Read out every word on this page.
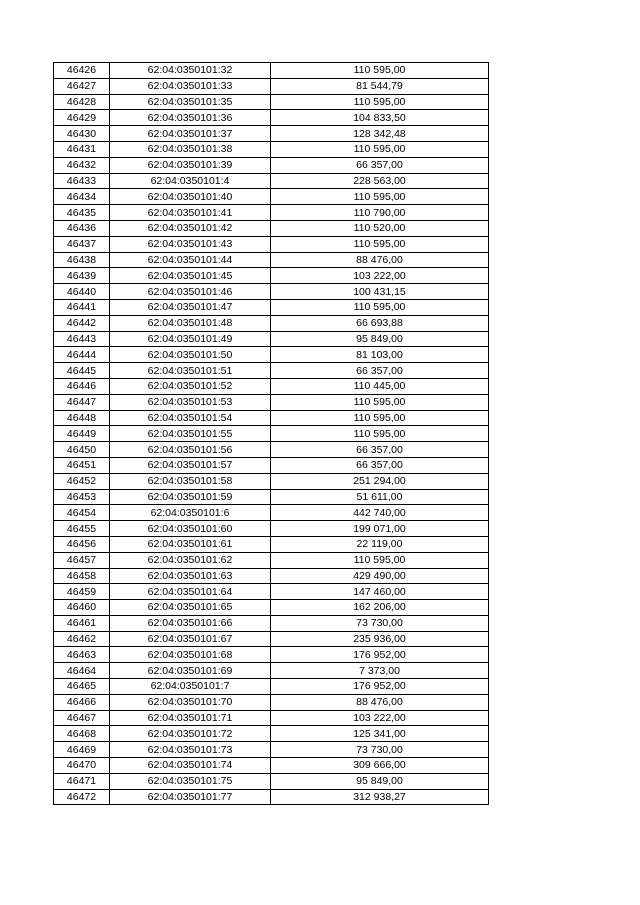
46426	62:04:0350101:32	110 595,00
46427	62:04:0350101:33	81 544,79
46428	62:04:0350101:35	110 595,00
46429	62:04:0350101:36	104 833,50
46430	62:04:0350101:37	128 342,48
46431	62:04:0350101:38	110 595,00
46432	62:04:0350101:39	66 357,00
46433	62:04:0350101:4	228 563,00
46434	62:04:0350101:40	110 595,00
46435	62:04:0350101:41	110 790,00
46436	62:04:0350101:42	110 520,00
46437	62:04:0350101:43	110 595,00
46438	62:04:0350101:44	88 476,00
46439	62:04:0350101:45	103 222,00
46440	62:04:0350101:46	100 431,15
46441	62:04:0350101:47	110 595,00
46442	62:04:0350101:48	66 693,88
46443	62:04:0350101:49	95 849,00
46444	62:04:0350101:50	81 103,00
46445	62:04:0350101:51	66 357,00
46446	62:04:0350101:52	110 445,00
46447	62:04:0350101:53	110 595,00
46448	62:04:0350101:54	110 595,00
46449	62:04:0350101:55	110 595,00
46450	62:04:0350101:56	66 357,00
46451	62:04:0350101:57	66 357,00
46452	62:04:0350101:58	251 294,00
46453	62:04:0350101:59	51 611,00
46454	62:04:0350101:6	442 740,00
46455	62:04:0350101:60	199 071,00
46456	62:04:0350101:61	22 119,00
46457	62:04:0350101:62	110 595,00
46458	62:04:0350101:63	429 490,00
46459	62:04:0350101:64	147 460,00
46460	62:04:0350101:65	162 206,00
46461	62:04:0350101:66	73 730,00
46462	62:04:0350101:67	235 936,00
46463	62:04:0350101:68	176 952,00
46464	62:04:0350101:69	7 373,00
46465	62:04:0350101:7	176 952,00
46466	62:04:0350101:70	88 476,00
46467	62:04:0350101:71	103 222,00
46468	62:04:0350101:72	125 341,00
46469	62:04:0350101:73	73 730,00
46470	62:04:0350101:74	309 666,00
46471	62:04:0350101:75	95 849,00
46472	62:04:0350101:77	312 938,27
